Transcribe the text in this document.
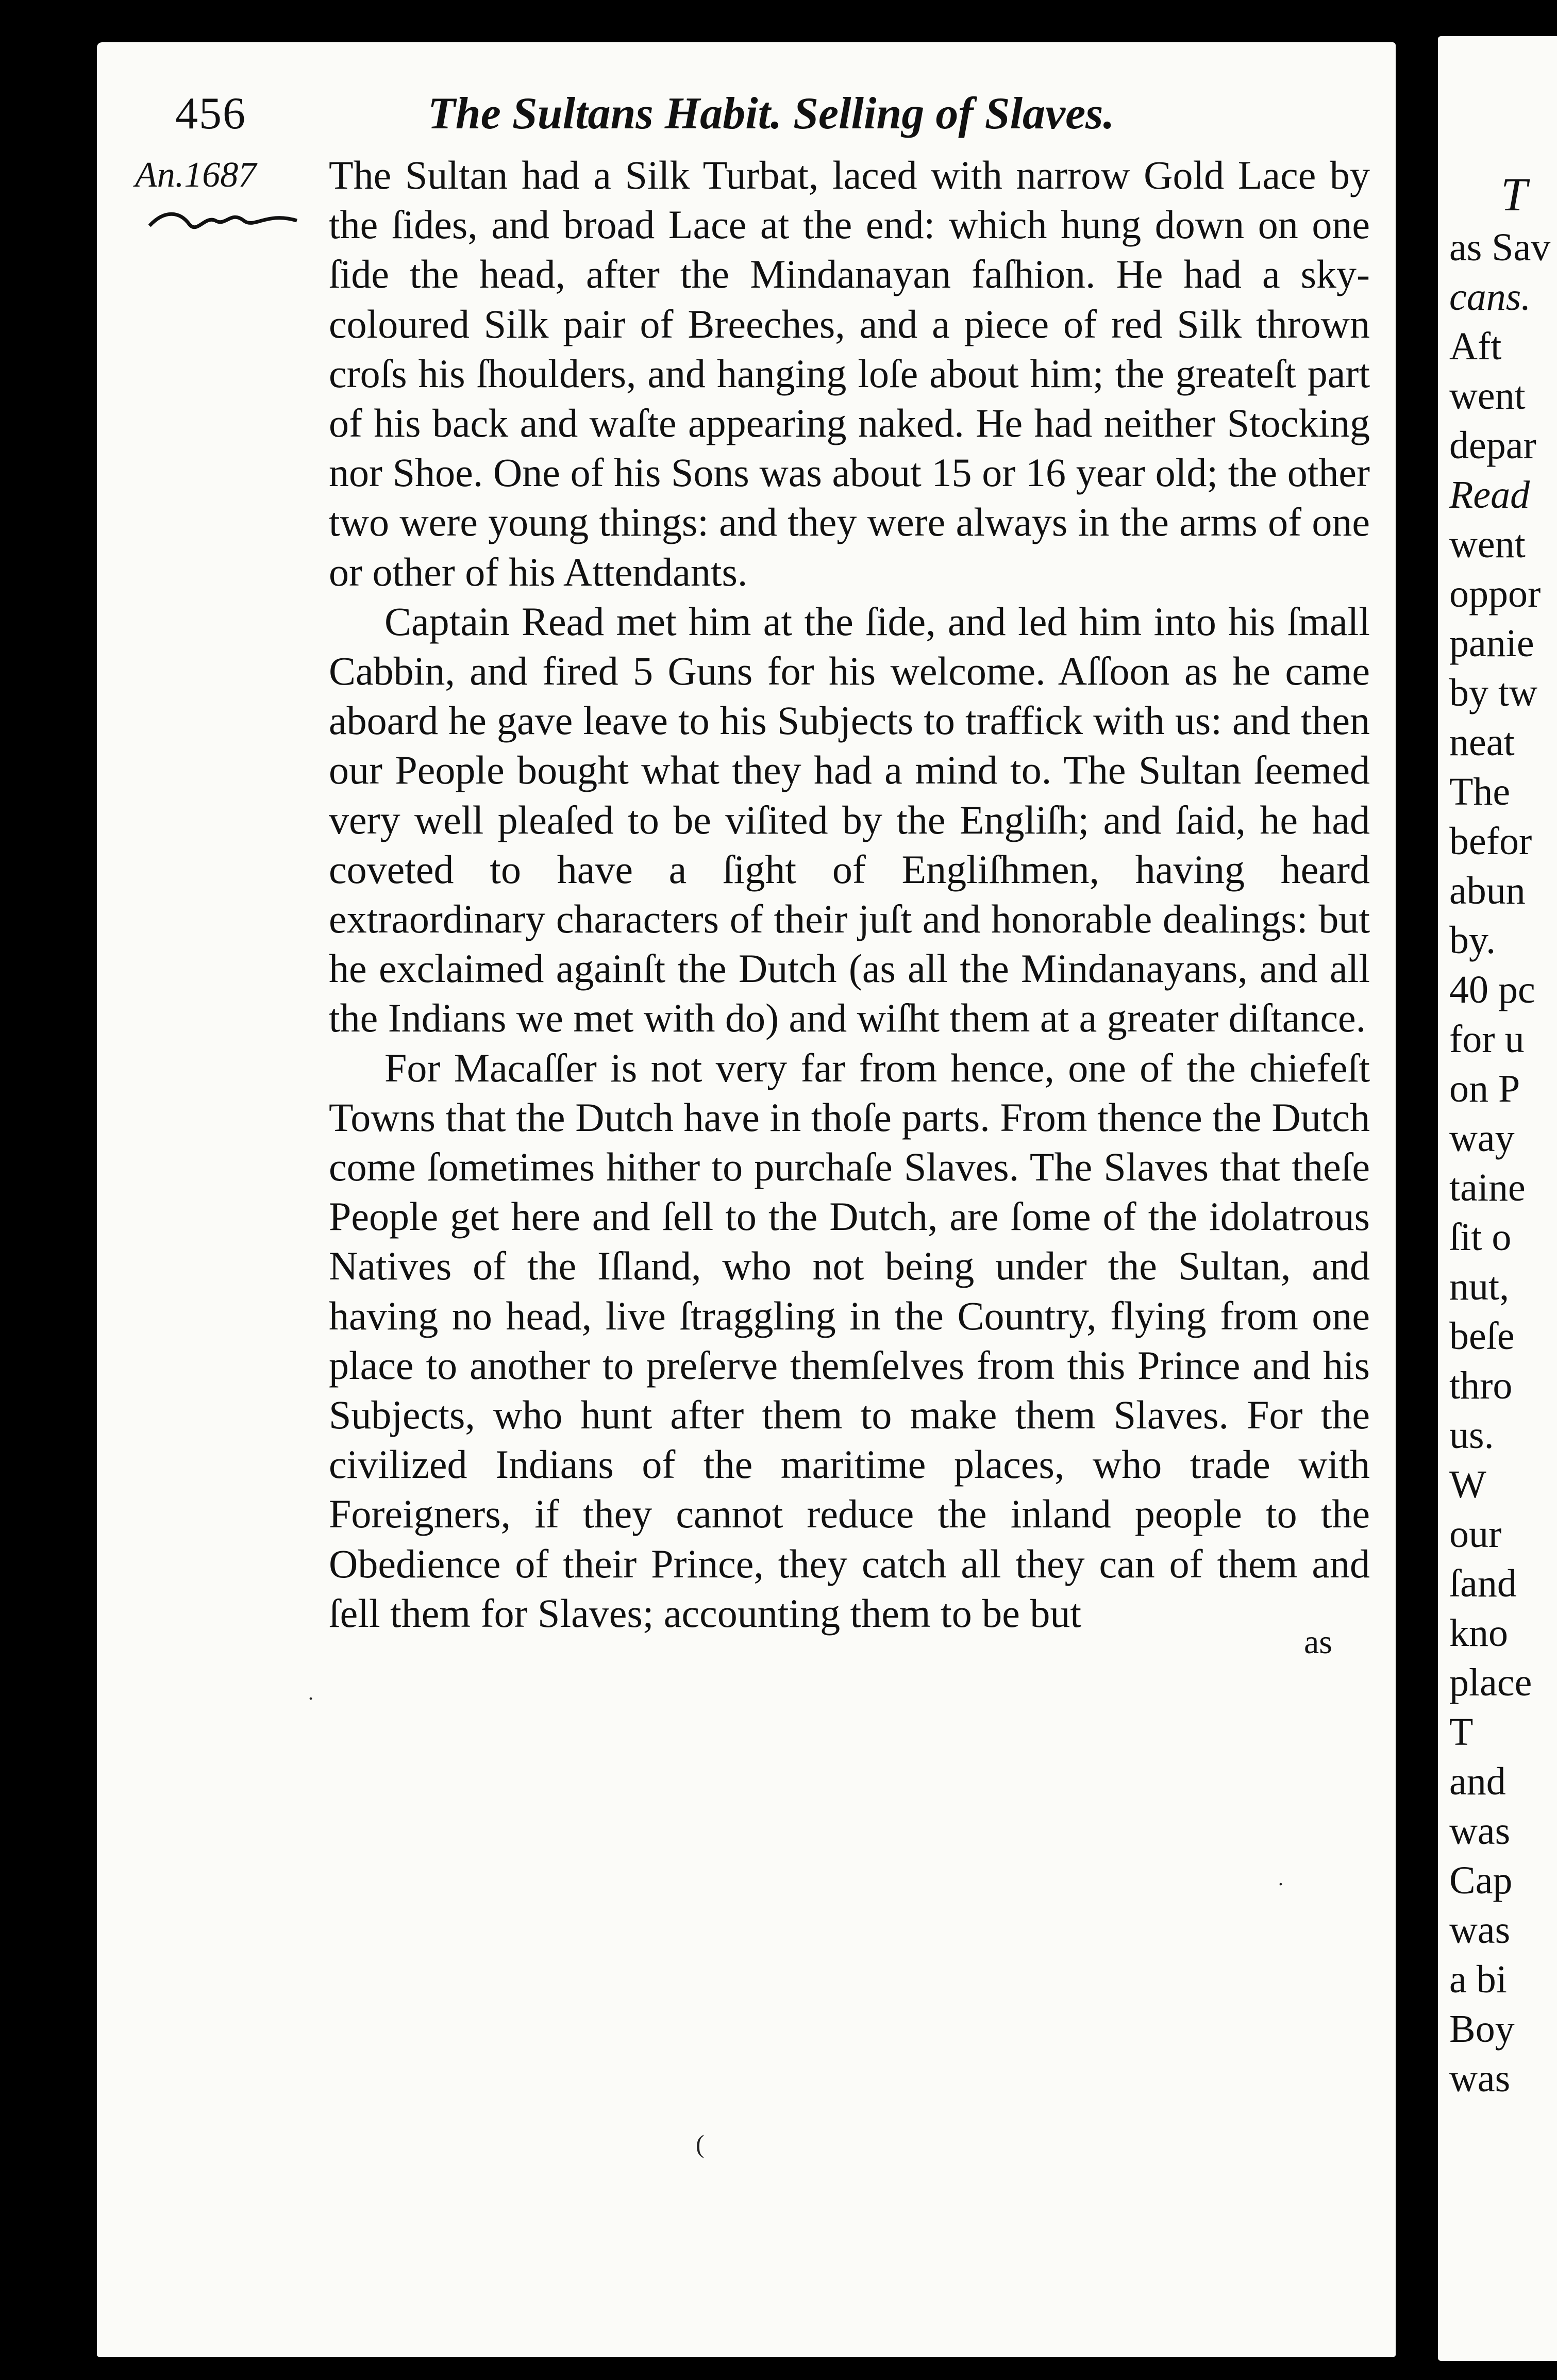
456	The Sultans Habit. Selling of Slaves.
An.1687 The Sultan had a Silk Turbat, laced with narrow Gold Lace by the ſides, and broad Lace at the end: which hung down on one ſide the head, after the Mindanayan faſhion. He had a sky-coloured Silk pair of Breeches, and a piece of red Silk thrown croſs his ſhoulders, and hanging loſe about him; the greateſt part of his back and waſte appearing naked. He had neither Stocking nor Shoe. One of his Sons was about 15 or 16 year old; the other two were young things: and they were always in the arms of one or other of his Attendants.

Captain Read met him at the ſide, and led him into his ſmall Cabbin, and fired 5 Guns for his welcome. Aſſoon as he came aboard he gave leave to his Subjects to traffick with us: and then our People bought what they had a mind to. The Sultan ſeemed very well pleaſed to be viſited by the Engliſh; and ſaid, he had coveted to have a ſight of Engliſhmen, having heard extraordinary characters of their juſt and honorable dealings: but he exclaimed againſt the Dutch (as all the Mindanayans, and all the Indians we met with do) and wiſht them at a greater diſtance.

For Macaſſer is not very far from hence, one of the chiefeſt Towns that the Dutch have in thoſe parts. From thence the Dutch come ſometimes hither to purchaſe Slaves. The Slaves that theſe People get here and ſell to the Dutch, are ſome of the idolatrous Natives of the Iſland, who not being under the Sultan, and having no head, live ſtraggling in the Country, flying from one place to another to preſerve themſelves from this Prince and his Subjects, who hunt after them to make them Slaves. For the civilized Indians of the maritime places, who trade with Foreigners, if they cannot reduce the inland people to the Obedience of their Prince, they catch all they can of them and ſell them for Slaves; accounting them to be but

as
.
(
.
T
as Sav
cans.
Aft
went
depar
Read
went
oppor
panie
by tw
neat
The
befor
abun
by.
40 pc
for u
on P
way
taine
ſit o
nut,
beſe
thro
us.
W
our
ſand
kno
place
T
and
was
Cap
was
a bi
Boy
was
